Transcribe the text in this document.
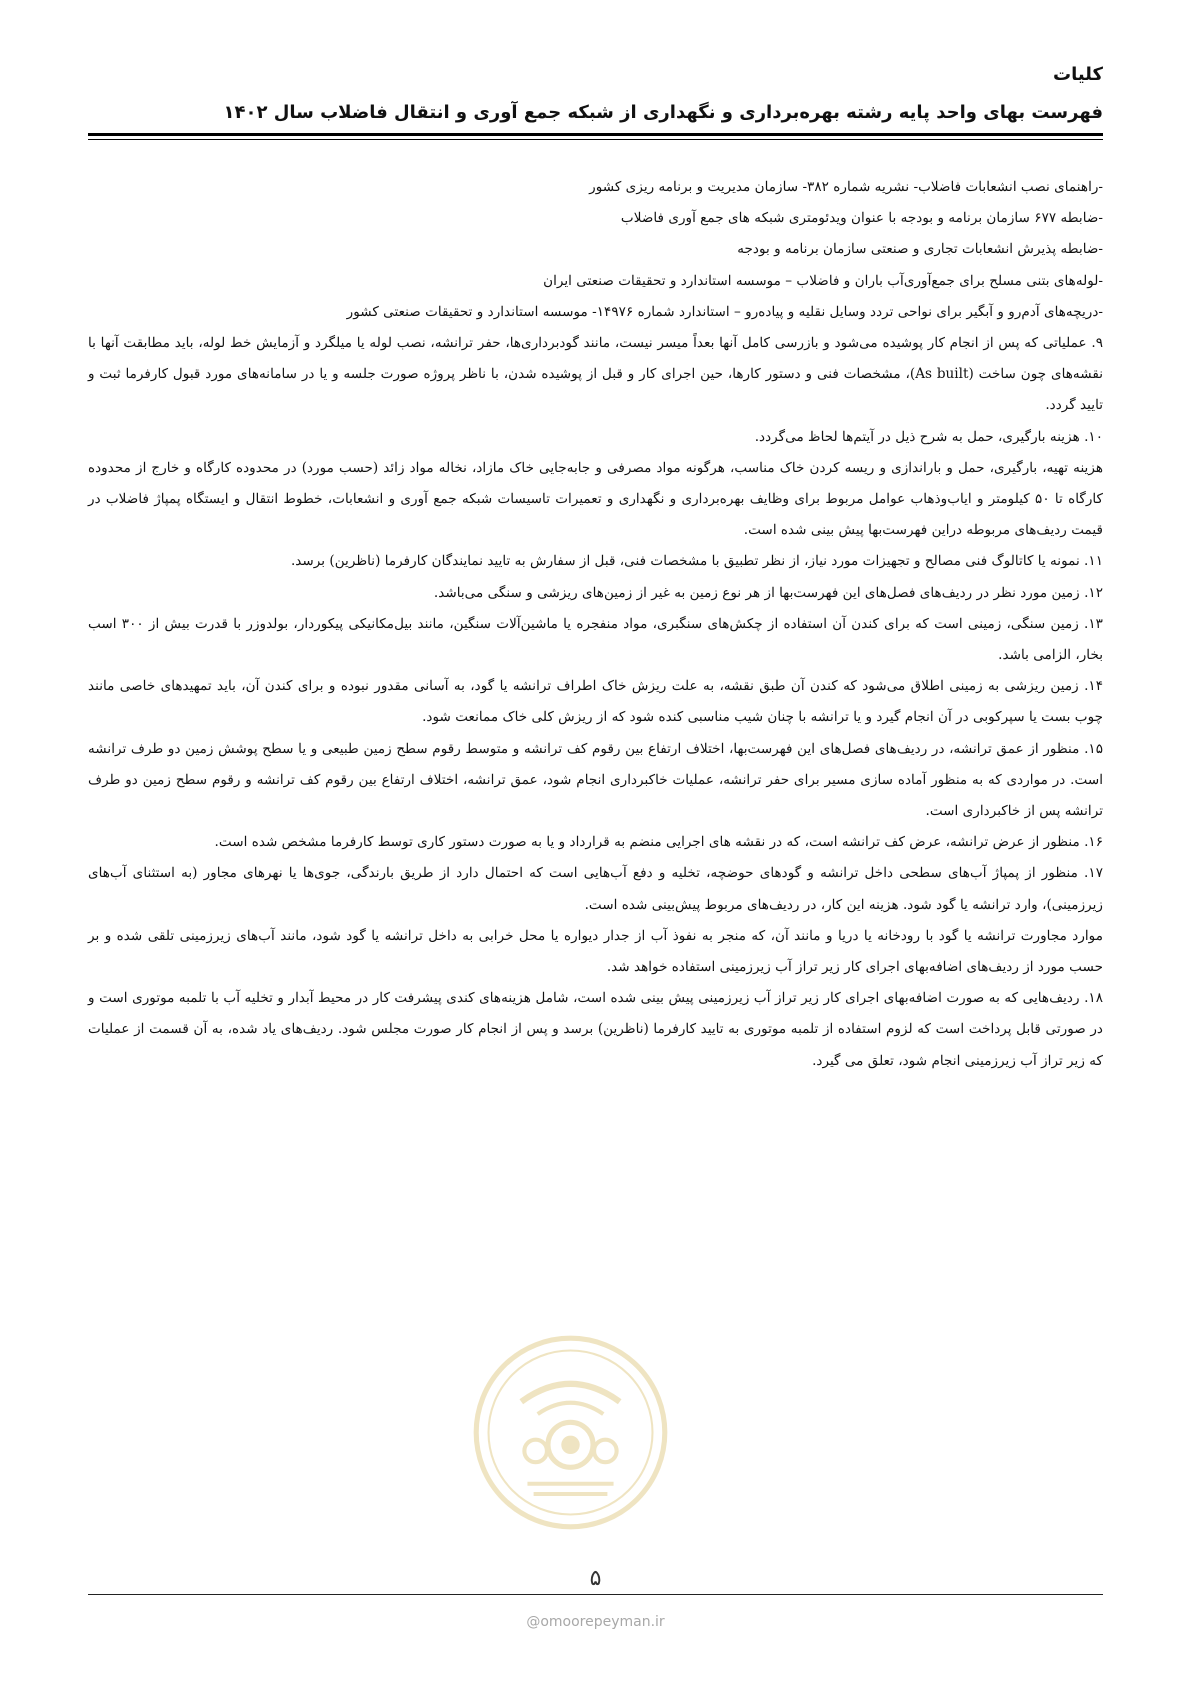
کلیات
فهرست بهای واحد پایه رشته بهره‌برداری و نگهداری از شبکه جمع آوری و انتقال فاضلاب سال ۱۴۰۲

-راهنمای نصب انشعابات فاضلاب- نشریه شماره ۳۸۲- سازمان مدیریت و برنامه ریزی کشور

-ضابطه ۶۷۷ سازمان برنامه و بودجه با عنوان ویدئومتری شبکه های جمع آوری فاضلاب

-ضابطه پذیرش انشعابات تجاری و صنعتی سازمان برنامه و بودجه

-لوله‌های بتنی مسلح برای جمع‌آوری‌آب باران و فاضلاب – موسسه استاندارد و تحقیقات صنعتی ایران

-دریچه‌های آدم‌رو و آبگیر برای نواحی تردد وسایل نقلیه و پیاده‌رو – استاندارد شماره ۱۴۹۷۶- موسسه استاندارد و تحقیقات صنعتی کشور

۹. عملیاتی که پس از انجام کار پوشیده می‌شود و بازرسی کامل آنها بعداً میسر نیست، مانند گودبرداری‌ها، حفر ترانشه، نصب لوله یا میلگرد و آزمایش خط لوله، باید مطابقت آنها با نقشه‌های چون ساخت (As built)، مشخصات فنی و دستور کارها، حین اجرای کار و قبل از پوشیده شدن، با ناظر پروژه صورت جلسه و یا در سامانه‌های مورد قبول کارفرما ثبت و تایید گردد.

۱۰. هزینه بارگیری، حمل به شرح ذیل در آیتم‌ها لحاظ می‌گردد.

هزینه تهیه، بارگیری، حمل و باراندازی و ریسه کردن خاک مناسب، هرگونه مواد مصرفی و جابه‌جایی خاک مازاد، نخاله مواد زائد (حسب مورد) در محدوده کارگاه و خارج از محدوده کارگاه تا ۵۰ کیلومتر و ایاب‌وذهاب عوامل مربوط برای وظایف بهره‌برداری و نگهداری و تعمیرات تاسیسات شبکه جمع آوری و انشعابات، خطوط انتقال و ایستگاه پمپاژ فاضلاب در قیمت ردیف‌های مربوطه دراین فهرست‌بها پیش بینی شده است.

۱۱. نمونه یا کاتالوگ فنی مصالح و تجهیزات مورد نیاز، از نظر تطبیق با مشخصات فنی، قبل از سفارش به تایید نمایندگان کارفرما (ناظرین) برسد.

۱۲. زمین مورد نظر در ردیف‌های فصل‌های این فهرست‌بها از هر نوع زمین به غیر از زمین‌های ریزشی و سنگی می‌باشد.

۱۳. زمین سنگی، زمینی است که برای کندن آن استفاده از چکش‌های سنگبری، مواد منفجره یا ماشین‌آلات سنگین، مانند بیل‌مکانیکی پیکوردار، بولدوزر با قدرت بیش از ۳۰۰ اسب بخار، الزامی باشد.

۱۴. زمین ریزشی به زمینی اطلاق می‌شود که کندن آن طبق نقشه، به علت ریزش خاک اطراف ترانشه یا گود، به آسانی مقدور نبوده و برای کندن آن، باید تمهیدهای خاصی مانند چوب بست یا سپرکوبی در آن انجام گیرد و یا ترانشه با چنان شیب مناسبی کنده شود که از ریزش کلی خاک ممانعت شود.

۱۵. منظور از عمق ترانشه، در ردیف‌های فصل‌های این فهرست‌بها، اختلاف ارتفاع بین رقوم کف ترانشه و متوسط رقوم سطح زمین طبیعی و یا سطح پوشش زمین دو طرف ترانشه است. در مواردی که به منظور آماده سازی مسیر برای حفر ترانشه، عملیات خاکبرداری انجام شود، عمق ترانشه، اختلاف ارتفاع بین رقوم کف ترانشه و رقوم سطح زمین دو طرف ترانشه پس از خاکبرداری است.

۱۶. منظور از عرض ترانشه، عرض کف ترانشه است، که در نقشه های اجرایی منضم به قرارداد و یا به صورت دستور کاری توسط کارفرما مشخص شده است.

۱۷. منظور از پمپاژ آب‌های سطحی داخل ترانشه و گودهای حوضچه، تخلیه و دفع آب‌هایی است که احتمال دارد از طریق بارندگی، جوی‌ها یا نهرهای مجاور (به استثنای آب‌های زیرزمینی)، وارد ترانشه یا گود شود. هزینه این کار، در ردیف‌های مربوط پیش‌بینی شده است.

موارد مجاورت ترانشه یا گود با رودخانه یا دریا و مانند آن، که منجر به نفوذ آب از جدار دیواره یا محل خرابی به داخل ترانشه یا گود شود، مانند آب‌های زیرزمینی تلقی شده و بر حسب مورد از ردیف‌های اضافه‌بهای اجرای کار زیر تراز آب زیرزمینی استفاده خواهد شد.

۱۸. ردیف‌هایی که به صورت اضافه‌بهای اجرای کار زیر تراز آب زیرزمینی پیش بینی شده است، شامل هزینه‌های کندی پیشرفت کار در محیط آبدار و تخلیه آب با تلمبه موتوری است و در صورتی قابل پرداخت است که لزوم استفاده از تلمبه موتوری به تایید کارفرما (ناظرین) برسد و پس از انجام کار صورت مجلس شود. ردیف‌های یاد شده، به آن قسمت از عملیات که زیر تراز آب زیرزمینی انجام شود، تعلق می گیرد.

۵
@omoorepeyman.ir
